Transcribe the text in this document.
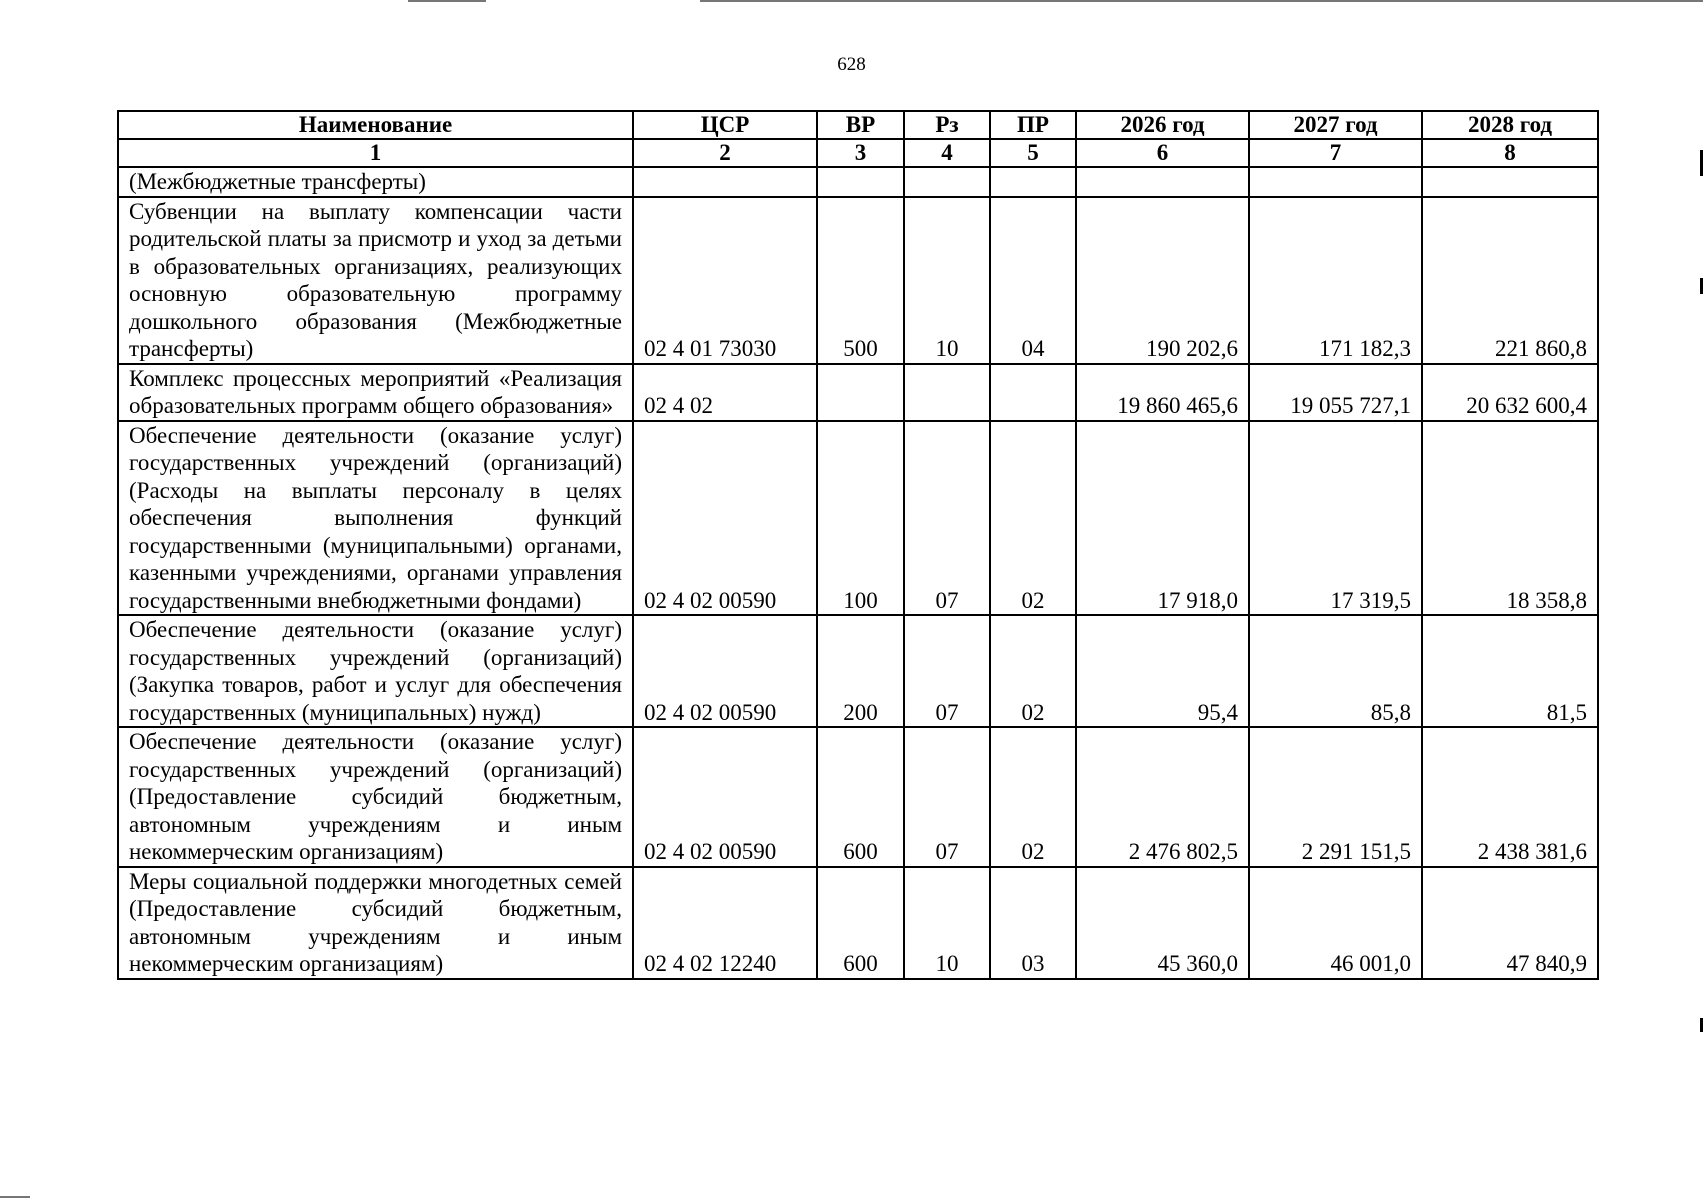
628
Наименование	ЦСР	ВР	Рз	ПР	2026 год	2027 год	2028 год
1	2	3	4	5	6	7	8
(Межбюджетные трансферты)							
Субвенции на выплату компенсации части родительской платы за присмотр и уход за детьми в образовательных организациях, реализующих основную образовательную программу дошкольного образования (Межбюджетные трансферты)	02 4 01 73030	500	10	04	190 202,6	171 182,3	221 860,8
Комплекс процессных мероприятий «Реализация образовательных программ общего образования»	02 4 02				19 860 465,6	19 055 727,1	20 632 600,4
Обеспечение деятельности (оказание услуг) государственных учреждений (организаций) (Расходы на выплаты персоналу в целях обеспечения выполнения функций государственными (муниципальными) органами, казенными учреждениями, органами управления государственными внебюджетными фондами)	02 4 02 00590	100	07	02	17 918,0	17 319,5	18 358,8
Обеспечение деятельности (оказание услуг) государственных учреждений (организаций) (Закупка товаров, работ и услуг для обеспечения государственных (муниципальных) нужд)	02 4 02 00590	200	07	02	95,4	85,8	81,5
Обеспечение деятельности (оказание услуг) государственных учреждений (организаций) (Предоставление субсидий бюджетным, автономным учреждениям и иным некоммерческим организациям)	02 4 02 00590	600	07	02	2 476 802,5	2 291 151,5	2 438 381,6
Меры социальной поддержки многодетных семей (Предоставление субсидий бюджетным, автономным учреждениям и иным некоммерческим организациям)	02 4 02 12240	600	10	03	45 360,0	46 001,0	47 840,9
